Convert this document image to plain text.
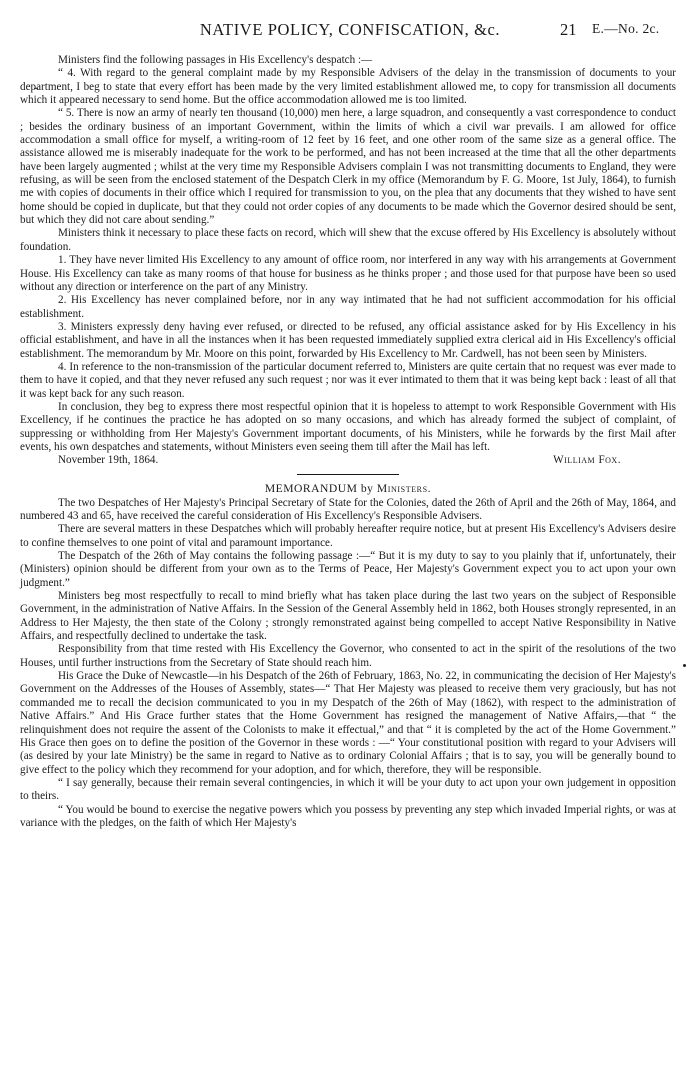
NATIVE POLICY, CONFISCATION, &c.	21 E.—No. 2c.

Ministers find the following passages in His Excellency's despatch :—

“ 4. With regard to the general complaint made by my Responsible Advisers of the delay in the transmission of documents to your department, I beg to state that every effort has been made by the very limited establishment allowed me, to copy for transmission all documents which it appeared necessary to send home. But the office accommodation allowed me is too limited.

“ 5. There is now an army of nearly ten thousand (10,000) men here, a large squadron, and consequently a vast correspondence to conduct ; besides the ordinary business of an important Government, within the limits of which a civil war prevails. I am allowed for office accommodation a small office for myself, a writing-room of 12 feet by 16 feet, and one other room of the same size as a general office. The assistance allowed me is miserably inadequate for the work to be performed, and has not been increased at the time that all the other departments have been largely augmented ; whilst at the very time my Responsible Advisers complain I was not transmitting documents to England, they were refusing, as will be seen from the enclosed statement of the Despatch Clerk in my office (Memorandum by F. G. Moore, 1st July, 1864), to furnish me with copies of documents in their office which I required for transmission to you, on the plea that any documents that they wished to have sent home should be copied in duplicate, but that they could not order copies of any documents to be made which the Governor desired should be sent, but which they did not care about sending.”

Ministers think it necessary to place these facts on record, which will shew that the excuse offered by His Excellency is absolutely without foundation.

1. They have never limited His Excellency to any amount of office room, nor interfered in any way with his arrangements at Government House. His Excellency can take as many rooms of that house for business as he thinks proper ; and those used for that purpose have been so used without any direction or interference on the part of any Ministry.

2. His Excellency has never complained before, nor in any way intimated that he had not sufficient accommodation for his official establishment.

3. Ministers expressly deny having ever refused, or directed to be refused, any official assistance asked for by His Excellency in his official establishment, and have in all the instances when it has been requested immediately supplied extra clerical aid in His Excellency's official establishment. The memorandum by Mr. Moore on this point, forwarded by His Excellency to Mr. Cardwell, has not been seen by Ministers.

4. In reference to the non-transmission of the particular document referred to, Ministers are quite certain that no request was ever made to them to have it copied, and that they never refused any such request ; nor was it ever intimated to them that it was being kept back : least of all that it was kept back for any such reason.

In conclusion, they beg to express there most respectful opinion that it is hopeless to attempt to work Responsible Government with His Excellency, if he continues the practice he has adopted on so many occasions, and which has already formed the subject of complaint, of suppressing or withholding from Her Majesty's Government important documents, of his Ministers, while he forwards by the first Mail after events, his own despatches and statements, without Ministers even seeing them till after the Mail has left.

November 19th, 1864.	William Fox.
MEMORANDUM by Ministers.

The two Despatches of Her Majesty's Principal Secretary of State for the Colonies, dated the 26th of April and the 26th of May, 1864, and numbered 43 and 65, have received the careful consideration of His Excellency's Responsible Advisers.

There are several matters in these Despatches which will probably hereafter require notice, but at present His Excellency's Advisers desire to confine themselves to one point of vital and paramount importance.

The Despatch of the 26th of May contains the following passage :—“ But it is my duty to say to you plainly that if, unfortunately, their (Ministers) opinion should be different from your own as to the Terms of Peace, Her Majesty's Government expect you to act upon your own judgment.”

Ministers beg most respectfully to recall to mind briefly what has taken place during the last two years on the subject of Responsible Government, in the administration of Native Affairs. In the Session of the General Assembly held in 1862, both Houses strongly represented, in an Address to Her Majesty, the then state of the Colony ; strongly remonstrated against being compelled to accept Native Responsibility in Native Affairs, and respectfully declined to undertake the task.

Responsibility from that time rested with His Excellency the Governor, who consented to act in the spirit of the resolutions of the two Houses, until further instructions from the Secretary of State should reach him.

His Grace the Duke of Newcastle—in his Despatch of the 26th of February, 1863, No. 22, in communicating the decision of Her Majesty's Government on the Addresses of the Houses of Assembly, states—“ That Her Majesty was pleased to receive them very graciously, but has not commanded me to recall the decision communicated to you in my Despatch of the 26th of May (1862), with respect to the administration of Native Affairs.” And His Grace further states that the Home Government has resigned the management of Native Affairs,—that “ the relinquishment does not require the assent of the Colonists to make it effectual,” and that “ it is completed by the act of the Home Government.” His Grace then goes on to define the position of the Governor in these words : —“ Your constitutional position with regard to your Advisers will (as desired by your late Ministry) be the same in regard to Native as to ordinary Colonial Affairs ; that is to say, you will be generally bound to give effect to the policy which they recommend for your adoption, and for which, therefore, they will be responsible.

“ I say generally, because their remain several contingencies, in which it will be your duty to act upon your own judgement in opposition to theirs.

“ You would be bound to exercise the negative powers which you possess by preventing any step which invaded Imperial rights, or was at variance with the pledges, on the faith of which Her Majesty's
